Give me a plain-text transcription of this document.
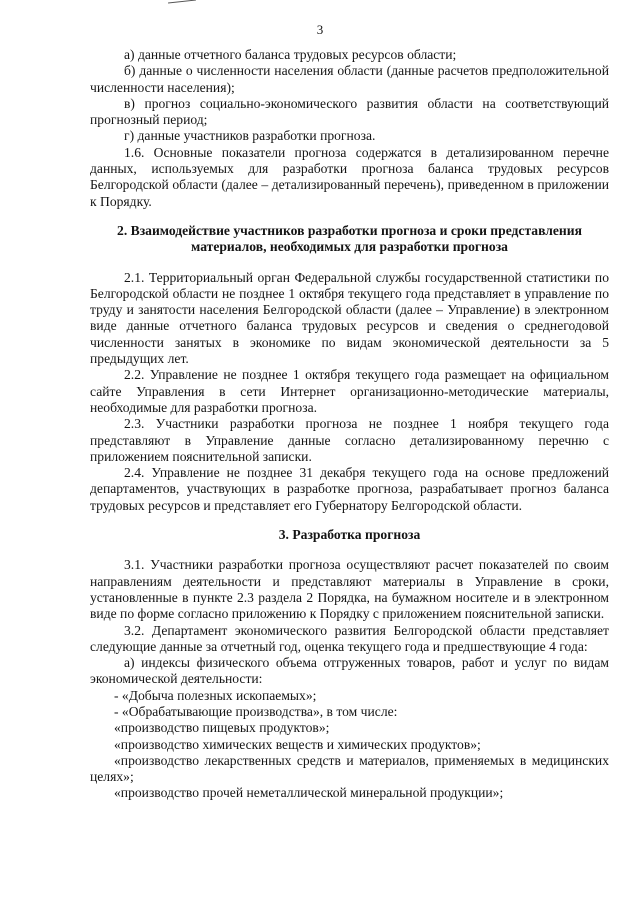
3

а) данные отчетного баланса трудовых ресурсов области;

б) данные о численности населения области (данные расчетов предположительной численности населения);

в) прогноз социально-экономического развития области на соответствующий прогнозный период;

г) данные участников разработки прогноза.

1.6. Основные показатели прогноза содержатся в детализированном перечне данных, используемых для разработки прогноза баланса трудовых ресурсов Белгородской области (далее – детализированный перечень), приведенном в приложении к Порядку.

2. Взаимодействие участников разработки прогноза и сроки представления материалов, необходимых для разработки прогноза

2.1. Территориальный орган Федеральной службы государственной статистики по Белгородской области не позднее 1 октября текущего года представляет в управление по труду и занятости населения Белгородской области (далее – Управление) в электронном виде данные отчетного баланса трудовых ресурсов и сведения о среднегодовой численности занятых в экономике по видам экономической деятельности за 5 предыдущих лет.

2.2. Управление не позднее 1 октября текущего года размещает на официальном сайте Управления в сети Интернет организационно-методические материалы, необходимые для разработки прогноза.

2.3. Участники разработки прогноза не позднее 1 ноября текущего года представляют в Управление данные согласно детализированному перечню с приложением пояснительной записки.

2.4. Управление не позднее 31 декабря текущего года на основе предложений департаментов, участвующих в разработке прогноза, разрабатывает прогноз баланса трудовых ресурсов и представляет его Губернатору Белгородской области.

3. Разработка прогноза

3.1. Участники разработки прогноза осуществляют расчет показателей по своим направлениям деятельности и представляют материалы в Управление в сроки, установленные в пункте 2.3 раздела 2 Порядка, на бумажном носителе и в электронном виде по форме согласно приложению к Порядку с приложением пояснительной записки.

3.2. Департамент экономического развития Белгородской области представляет следующие данные за отчетный год, оценка текущего года и предшествующие 4 года:

а) индексы физического объема отгруженных товаров, работ и услуг по видам экономической деятельности:

- «Добыча полезных ископаемых»;

- «Обрабатывающие производства», в том числе:

«производство пищевых продуктов»;

«производство химических веществ и химических продуктов»;

«производство лекарственных средств и материалов, применяемых в медицинских целях»;

«производство прочей неметаллической минеральной продукции»;
